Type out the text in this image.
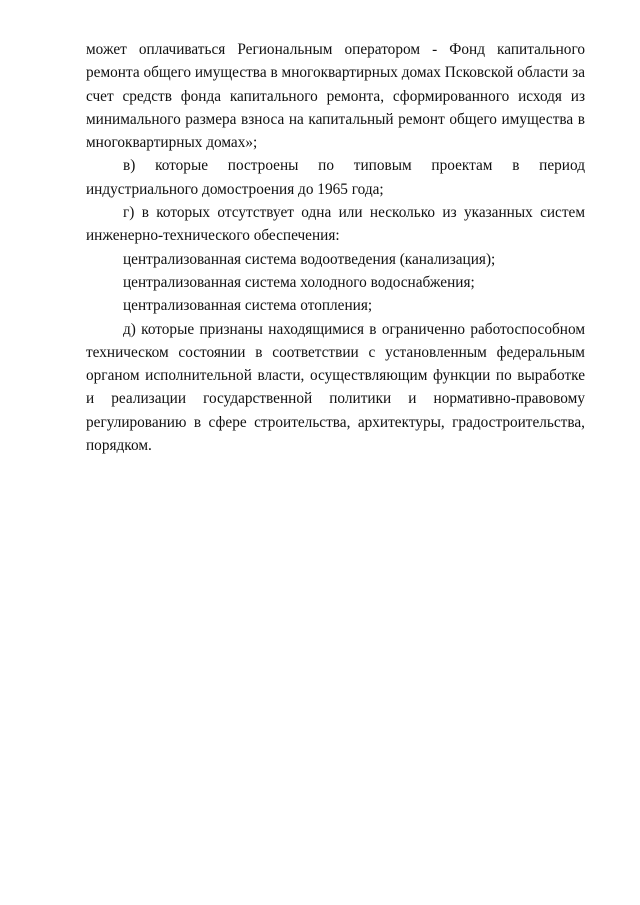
может оплачиваться Региональным оператором - Фонд капитального ремонта общего имущества в многоквартирных домах Псковской области за счет средств фонда капитального ремонта, сформированного исходя из минимального размера взноса на капитальный ремонт общего имущества в многоквартирных домах»;

в) которые построены по типовым проектам в период индустриального домостроения до 1965 года;

г) в которых отсутствует одна или несколько из указанных систем инженерно-технического обеспечения:

централизованная система водоотведения (канализация);

централизованная система холодного водоснабжения;

централизованная система отопления;

д) которые признаны находящимися в ограниченно работоспособном техническом состоянии в соответствии с установленным федеральным органом исполнительной власти, осуществляющим функции по выработке и реализации государственной политики и нормативно-правовому регулированию в сфере строительства, архитектуры, градостроительства, порядком.
